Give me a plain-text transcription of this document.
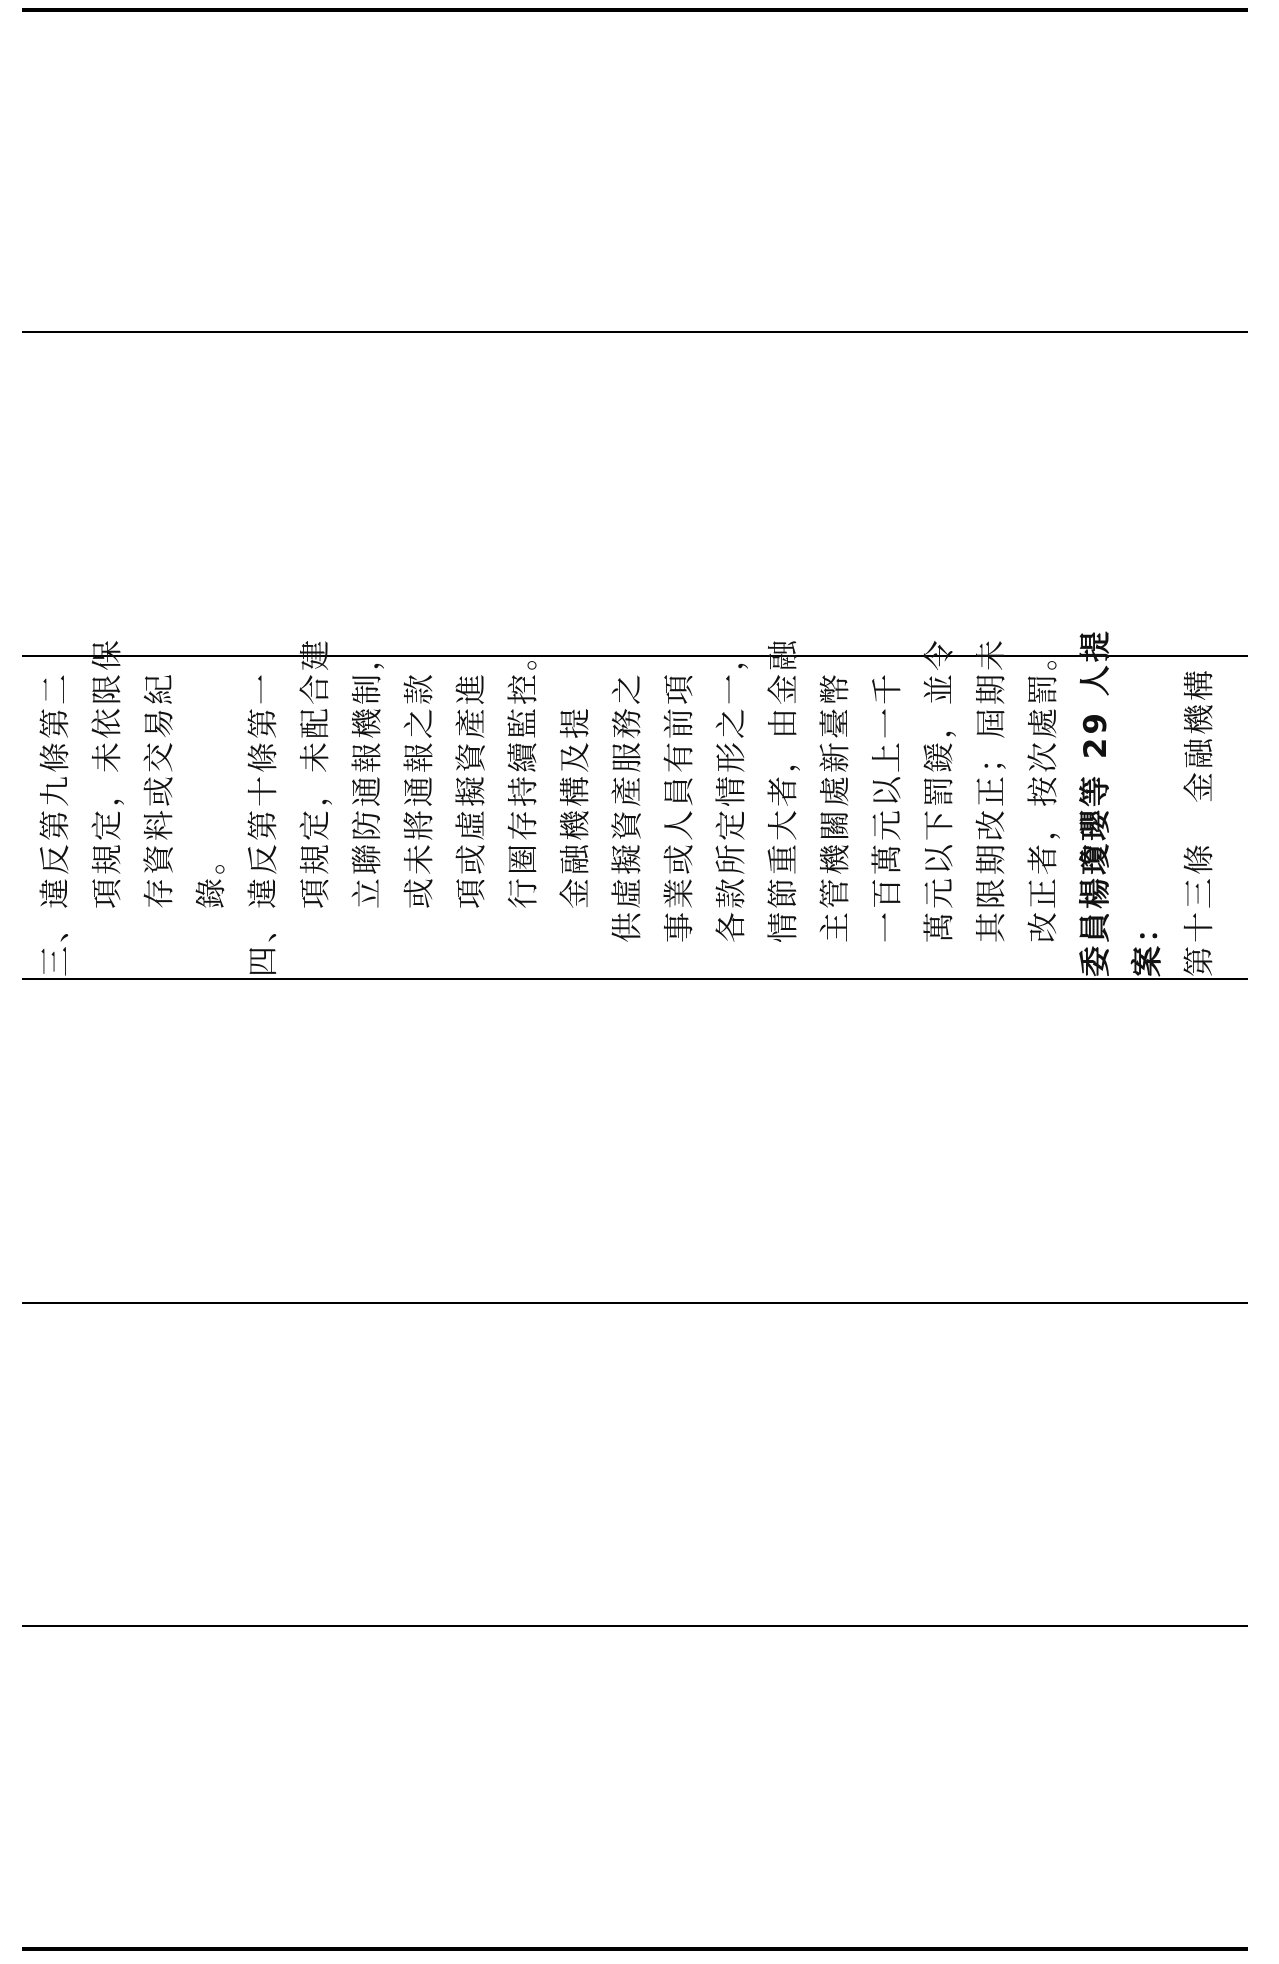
三、違反第九條第二 項規定，未依限保 存資料或交易紀 錄。 四、違反第十條第一 項規定，未配合建 立聯防通報機制， 或未將通報之款 項或虛擬資產進 行圈存持續監控。 金融機構及提 供虛擬資產服務之 事業或人員有前項 各款所定情形之一， 情節重大者，由金融 主管機關處新臺幣 一百萬元以上一千 萬元以下罰鍰，並令 其限期改正；屆期未 改正者，按次處罰。 委員楊瓊瓔等 29 人提 案： 第十三條金融機構
